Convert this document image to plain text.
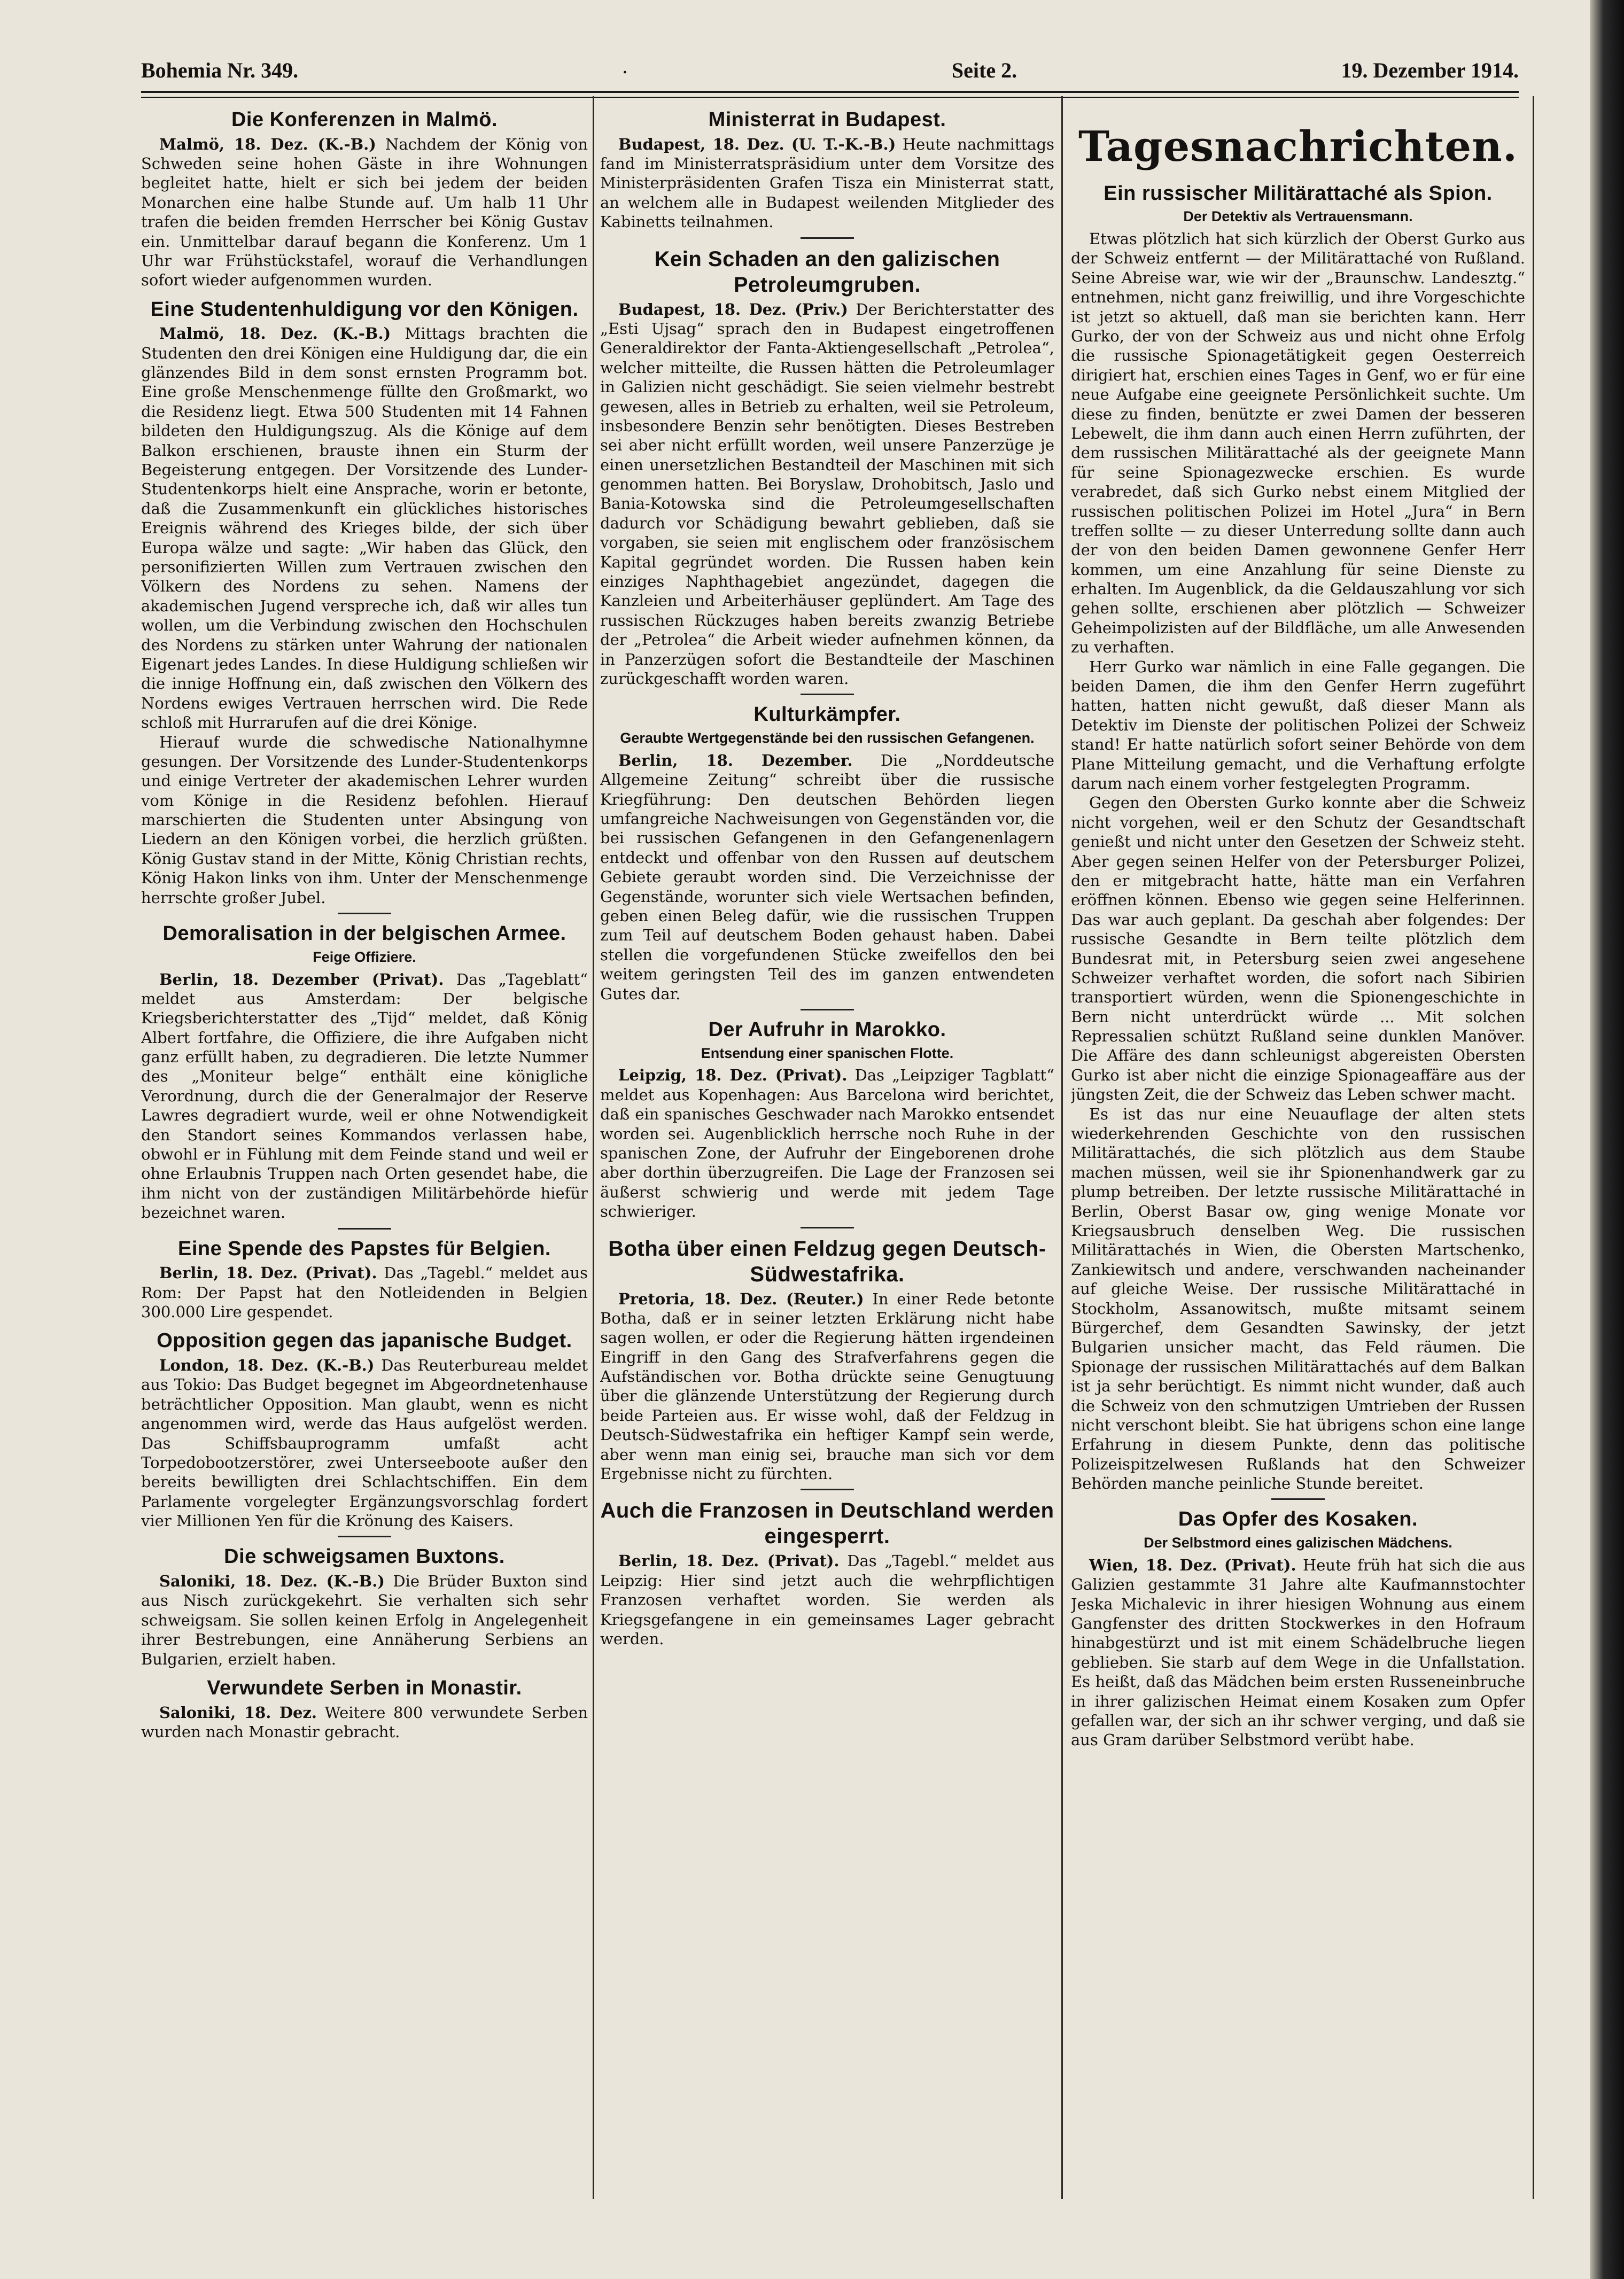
Bohemia Nr. 349.	·	Seite 2.	19. Dezember 1914.
Die Konferenzen in Malmö.

Malmö, 18. Dez. (K.-B.) Nachdem der König von Schweden seine hohen Gäste in ihre Wohnungen begleitet hatte, hielt er sich bei jedem der beiden Monarchen eine halbe Stunde auf. Um halb 11 Uhr trafen die beiden fremden Herrscher bei König Gustav ein. Unmittelbar darauf begann die Konferenz. Um 1 Uhr war Frühstückstafel, worauf die Verhandlungen sofort wieder aufgenommen wurden.

Eine Studentenhuldigung vor den Königen.

Malmö, 18. Dez. (K.-B.) Mittags brachten die Studenten den drei Königen eine Huldigung dar, die ein glänzendes Bild in dem sonst ernsten Programm bot. Eine große Menschenmenge füllte den Großmarkt, wo die Residenz liegt. Etwa 500 Studenten mit 14 Fahnen bildeten den Huldigungszug. Als die Könige auf dem Balkon erschienen, brauste ihnen ein Sturm der Begeisterung entgegen. Der Vorsitzende des Lunder-Studentenkorps hielt eine Ansprache, worin er betonte, daß die Zusammenkunft ein glückliches historisches Ereignis während des Krieges bilde, der sich über Europa wälze und sagte: „Wir haben das Glück, den personifizierten Willen zum Vertrauen zwischen den Völkern des Nordens zu sehen. Namens der akademischen Jugend verspreche ich, daß wir alles tun wollen, um die Verbindung zwischen den Hochschulen des Nordens zu stärken unter Wahrung der nationalen Eigenart jedes Landes. In diese Huldigung schließen wir die innige Hoffnung ein, daß zwischen den Völkern des Nordens ewiges Vertrauen herrschen wird. Die Rede schloß mit Hurrarufen auf die drei Könige.

Hierauf wurde die schwedische Nationalhymne gesungen. Der Vorsitzende des Lunder-Studentenkorps und einige Vertreter der akademischen Lehrer wurden vom Könige in die Residenz befohlen. Hierauf marschierten die Studenten unter Absingung von Liedern an den Königen vorbei, die herzlich grüßten. König Gustav stand in der Mitte, König Christian rechts, König Hakon links von ihm. Unter der Menschenmenge herrschte großer Jubel.

Demoralisation in der belgischen Armee.
Feige Offiziere.

Berlin, 18. Dezember (Privat). Das „Tageblatt“ meldet aus Amsterdam: Der belgische Kriegsberichterstatter des „Tijd“ meldet, daß König Albert fortfahre, die Offiziere, die ihre Aufgaben nicht ganz erfüllt haben, zu degradieren. Die letzte Nummer des „Moniteur belge“ enthält eine königliche Verordnung, durch die der Generalmajor der Reserve Lawres degradiert wurde, weil er ohne Notwendigkeit den Standort seines Kommandos verlassen habe, obwohl er in Fühlung mit dem Feinde stand und weil er ohne Erlaubnis Truppen nach Orten gesendet habe, die ihm nicht von der zuständigen Militärbehörde hiefür bezeichnet waren.

Eine Spende des Papstes für Belgien.

Berlin, 18. Dez. (Privat). Das „Tagebl.“ meldet aus Rom: Der Papst hat den Notleidenden in Belgien 300.000 Lire gespendet.

Opposition gegen das japanische Budget.

London, 18. Dez. (K.-B.) Das Reuterbureau meldet aus Tokio: Das Budget begegnet im Abgeordnetenhause beträchtlicher Opposition. Man glaubt, wenn es nicht angenommen wird, werde das Haus aufgelöst werden. Das Schiffsbauprogramm umfaßt acht Torpedobootzerstörer, zwei Unterseeboote außer den bereits bewilligten drei Schlachtschiffen. Ein dem Parlamente vorgelegter Ergänzungsvorschlag fordert vier Millionen Yen für die Krönung des Kaisers.

Die schweigsamen Buxtons.

Saloniki, 18. Dez. (K.-B.) Die Brüder Buxton sind aus Nisch zurückgekehrt. Sie verhalten sich sehr schweigsam. Sie sollen keinen Erfolg in Angelegenheit ihrer Bestrebungen, eine Annäherung Serbiens an Bulgarien, erzielt haben.

Verwundete Serben in Monastir.

Saloniki, 18. Dez. Weitere 800 verwundete Serben wurden nach Monastir gebracht.

Ministerrat in Budapest.

Budapest, 18. Dez. (U. T.-K.-B.) Heute nachmittags fand im Ministerratspräsidium unter dem Vorsitze des Ministerpräsidenten Grafen Tisza ein Ministerrat statt, an welchem alle in Budapest weilenden Mitglieder des Kabinetts teilnahmen.

Kein Schaden an den galizischen Petroleumgruben.

Budapest, 18. Dez. (Priv.) Der Berichterstatter des „Esti Ujsag“ sprach den in Budapest eingetroffenen Generaldirektor der Fanta-Aktiengesellschaft „Petrolea“, welcher mitteilte, die Russen hätten die Petroleumlager in Galizien nicht geschädigt. Sie seien vielmehr bestrebt gewesen, alles in Betrieb zu erhalten, weil sie Petroleum, insbesondere Benzin sehr benötigten. Dieses Bestreben sei aber nicht erfüllt worden, weil unsere Panzerzüge je einen unersetzlichen Bestandteil der Maschinen mit sich genommen hatten. Bei Boryslaw, Drohobitsch, Jaslo und Bania-Kotowska sind die Petroleumgesellschaften dadurch vor Schädigung bewahrt geblieben, daß sie vorgaben, sie seien mit englischem oder französischem Kapital gegründet worden. Die Russen haben kein einziges Naphthagebiet angezündet, dagegen die Kanzleien und Arbeiterhäuser geplündert. Am Tage des russischen Rückzuges haben bereits zwanzig Betriebe der „Petrolea“ die Arbeit wieder aufnehmen können, da in Panzerzügen sofort die Bestandteile der Maschinen zurückgeschafft worden waren.

Kulturkämpfer.
Geraubte Wertgegenstände bei den russischen Gefangenen.

Berlin, 18. Dezember. Die „Norddeutsche Allgemeine Zeitung“ schreibt über die russische Kriegführung: Den deutschen Behörden liegen umfangreiche Nachweisungen von Gegenständen vor, die bei russischen Gefangenen in den Gefangenenlagern entdeckt und offenbar von den Russen auf deutschem Gebiete geraubt worden sind. Die Verzeichnisse der Gegenstände, worunter sich viele Wertsachen befinden, geben einen Beleg dafür, wie die russischen Truppen zum Teil auf deutschem Boden gehaust haben. Dabei stellen die vorgefundenen Stücke zweifellos den bei weitem geringsten Teil des im ganzen entwendeten Gutes dar.

Der Aufruhr in Marokko.
Entsendung einer spanischen Flotte.

Leipzig, 18. Dez. (Privat). Das „Leipziger Tagblatt“ meldet aus Kopenhagen: Aus Barcelona wird berichtet, daß ein spanisches Geschwader nach Marokko entsendet worden sei. Augenblicklich herrsche noch Ruhe in der spanischen Zone, der Aufruhr der Eingeborenen drohe aber dorthin überzugreifen. Die Lage der Franzosen sei äußerst schwierig und werde mit jedem Tage schwieriger.

Botha über einen Feldzug gegen Deutsch-Südwestafrika.

Pretoria, 18. Dez. (Reuter.) In einer Rede betonte Botha, daß er in seiner letzten Erklärung nicht habe sagen wollen, er oder die Regierung hätten irgendeinen Eingriff in den Gang des Strafverfahrens gegen die Aufständischen vor. Botha drückte seine Genugtuung über die glänzende Unterstützung der Regierung durch beide Parteien aus. Er wisse wohl, daß der Feldzug in Deutsch-Südwestafrika ein heftiger Kampf sein werde, aber wenn man einig sei, brauche man sich vor dem Ergebnisse nicht zu fürchten.

Auch die Franzosen in Deutschland werden eingesperrt.

Berlin, 18. Dez. (Privat). Das „Tagebl.“ meldet aus Leipzig: Hier sind jetzt auch die wehrpflichtigen Franzosen verhaftet worden. Sie werden als Kriegsgefangene in ein gemeinsames Lager gebracht werden.

Tagesnachrichten.
Ein russischer Militärattaché als Spion.
Der Detektiv als Vertrauensmann.

Etwas plötzlich hat sich kürzlich der Oberst Gurko aus der Schweiz entfernt — der Militärattaché von Rußland. Seine Abreise war, wie wir der „Braunschw. Landesztg.“ entnehmen, nicht ganz freiwillig, und ihre Vorgeschichte ist jetzt so aktuell, daß man sie berichten kann. Herr Gurko, der von der Schweiz aus und nicht ohne Erfolg die russische Spionagetätigkeit gegen Oesterreich dirigiert hat, erschien eines Tages in Genf, wo er für eine neue Aufgabe eine geeignete Persönlichkeit suchte. Um diese zu finden, benützte er zwei Damen der besseren Lebewelt, die ihm dann auch einen Herrn zuführten, der dem russischen Militärattaché als der geeignete Mann für seine Spionagezwecke erschien. Es wurde verabredet, daß sich Gurko nebst einem Mitglied der russischen politischen Polizei im Hotel „Jura“ in Bern treffen sollte — zu dieser Unterredung sollte dann auch der von den beiden Damen gewonnene Genfer Herr kommen, um eine Anzahlung für seine Dienste zu erhalten. Im Augenblick, da die Geldauszahlung vor sich gehen sollte, erschienen aber plötzlich — Schweizer Geheimpolizisten auf der Bildfläche, um alle Anwesenden zu verhaften.

Herr Gurko war nämlich in eine Falle gegangen. Die beiden Damen, die ihm den Genfer Herrn zugeführt hatten, hatten nicht gewußt, daß dieser Mann als Detektiv im Dienste der politischen Polizei der Schweiz stand! Er hatte natürlich sofort seiner Behörde von dem Plane Mitteilung gemacht, und die Verhaftung erfolgte darum nach einem vorher festgelegten Programm.

Gegen den Obersten Gurko konnte aber die Schweiz nicht vorgehen, weil er den Schutz der Gesandtschaft genießt und nicht unter den Gesetzen der Schweiz steht. Aber gegen seinen Helfer von der Petersburger Polizei, den er mitgebracht hatte, hätte man ein Verfahren eröffnen können. Ebenso wie gegen seine Helferinnen. Das war auch geplant. Da geschah aber folgendes: Der russische Gesandte in Bern teilte plötzlich dem Bundesrat mit, in Petersburg seien zwei angesehene Schweizer verhaftet worden, die sofort nach Sibirien transportiert würden, wenn die Spionengeschichte in Bern nicht unterdrückt würde ... Mit solchen Repressalien schützt Rußland seine dunklen Manöver. Die Affäre des dann schleunigst abgereisten Obersten Gurko ist aber nicht die einzige Spionageaffäre aus der jüngsten Zeit, die der Schweiz das Leben schwer macht.

Es ist das nur eine Neuauflage der alten stets wiederkehrenden Geschichte von den russischen Militärattachés, die sich plötzlich aus dem Staube machen müssen, weil sie ihr Spionenhandwerk gar zu plump betreiben. Der letzte russische Militärattaché in Berlin, Oberst Basar ow, ging wenige Monate vor Kriegsausbruch denselben Weg. Die russischen Militärattachés in Wien, die Obersten Martschenko, Zankiewitsch und andere, verschwanden nacheinander auf gleiche Weise. Der russische Militärattaché in Stockholm, Assanowitsch, mußte mitsamt seinem Bürgerchef, dem Gesandten Sawinsky, der jetzt Bulgarien unsicher macht, das Feld räumen. Die Spionage der russischen Militärattachés auf dem Balkan ist ja sehr berüchtigt. Es nimmt nicht wunder, daß auch die Schweiz von den schmutzigen Umtrieben der Russen nicht verschont bleibt. Sie hat übrigens schon eine lange Erfahrung in diesem Punkte, denn das politische Polizeispitzelwesen Rußlands hat den Schweizer Behörden manche peinliche Stunde bereitet.

Das Opfer des Kosaken.
Der Selbstmord eines galizischen Mädchens.

Wien, 18. Dez. (Privat). Heute früh hat sich die aus Galizien gestammte 31 Jahre alte Kaufmannstochter Jeska Michalevic in ihrer hiesigen Wohnung aus einem Gangfenster des dritten Stockwerkes in den Hofraum hinabgestürzt und ist mit einem Schädelbruche liegen geblieben. Sie starb auf dem Wege in die Unfallstation. Es heißt, daß das Mädchen beim ersten Russeneinbruche in ihrer galizischen Heimat einem Kosaken zum Opfer gefallen war, der sich an ihr schwer verging, und daß sie aus Gram darüber Selbstmord verübt habe.
